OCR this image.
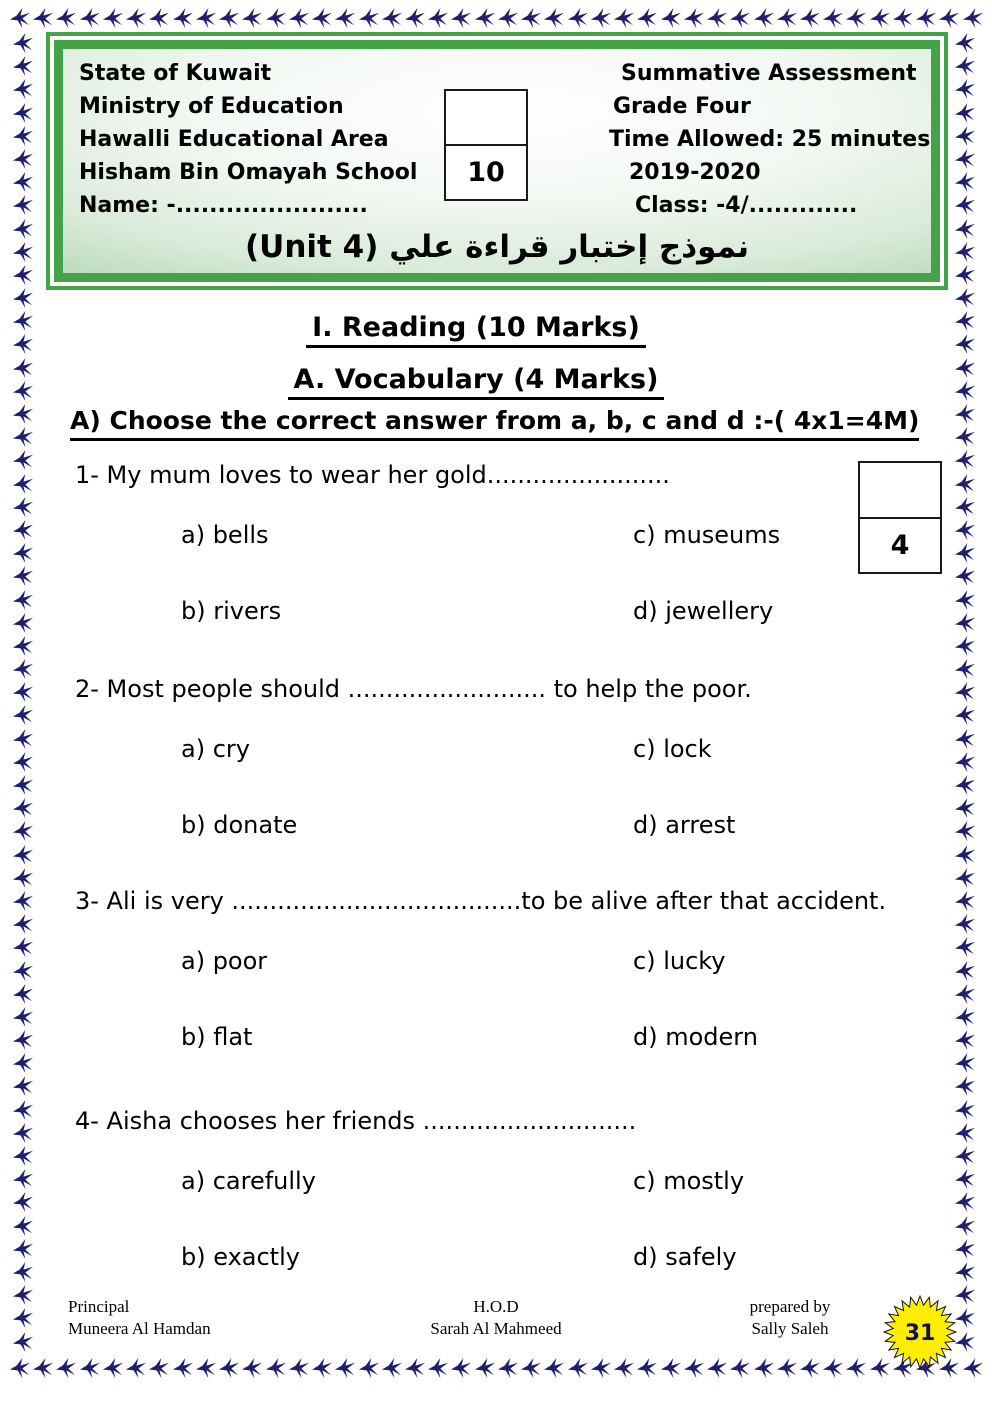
State of Kuwait
Ministry of Education
Hawalli Educational Area
Hisham Bin Omayah School
Name: -.......................
10
Summative Assessment
Grade Four
Time Allowed: 25 minutes
2019-2020
Class: -4/.............
نموذج إختبار قراءة علي (Unit 4)
I. Reading (10 Marks)
A. Vocabulary (4 Marks)
A) Choose the correct answer from a, b, c and d :-( 4x1=4M)
4
1- My mum loves to wear her gold........................
a) bells	c) museums
b) rivers	d) jewellery
2- Most people should .......................... to help the poor.
a) cry	c) lock
b) donate	d) arrest
3- Ali is very ......................................to be alive after that accident.
a) poor	c) lucky
b) flat	d) modern
4- Aisha chooses her friends ............................
a) carefully	c) mostly
b) exactly	d) safely
Principal
Muneera Al Hamdan
H.O.D
Sarah Al Mahmeed
prepared by
Sally Saleh	31
